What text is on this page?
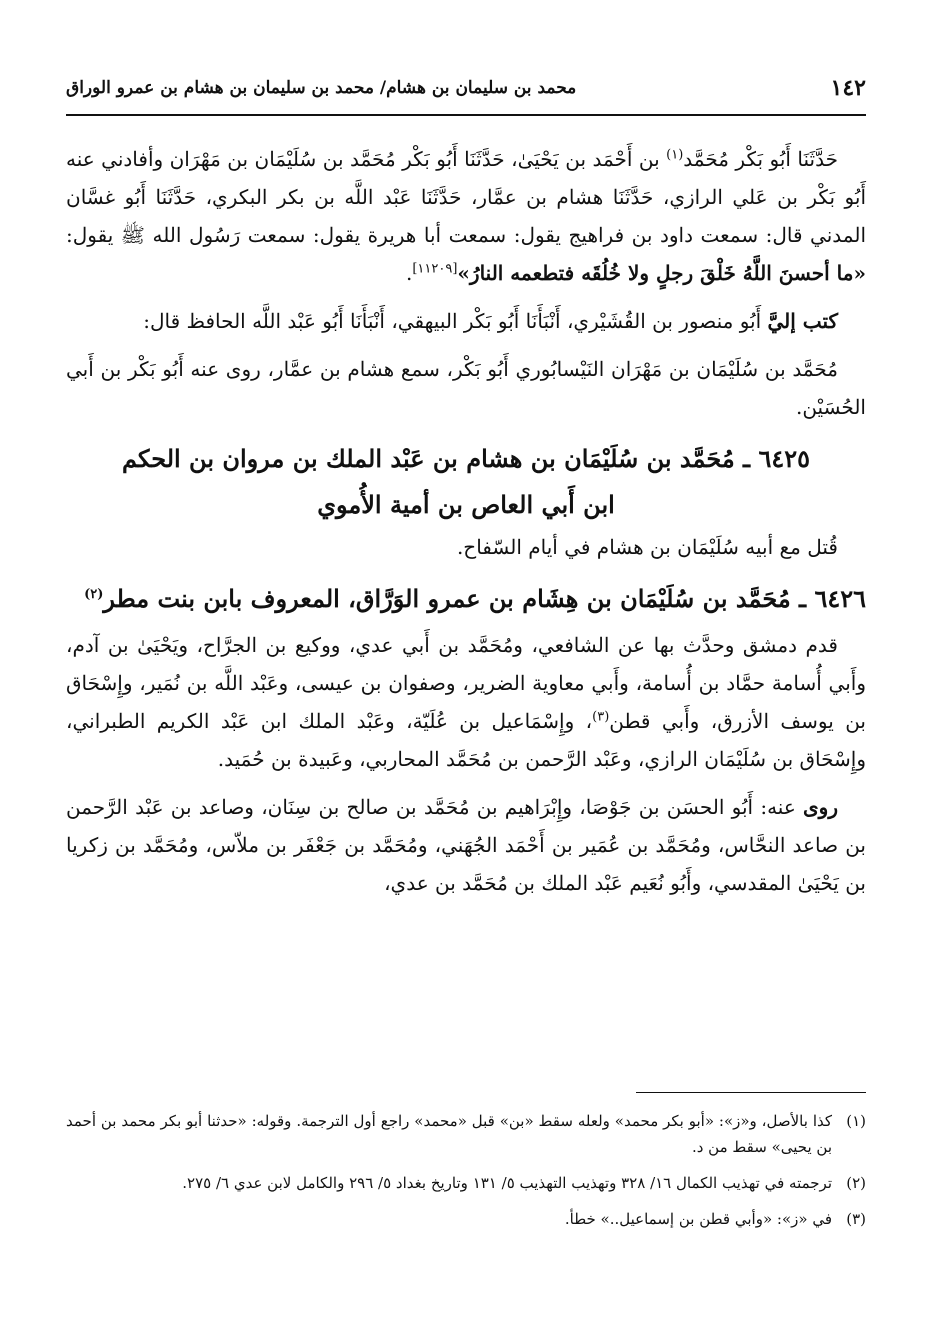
١٤٢
محمد بن سليمان بن هشام/ محمد بن سليمان بن هشام بن عمرو الوراق

حَدَّثَنَا أَبُو بَكْر مُحَمَّد$^{(١)}$ بن أَحْمَد بن يَحْيَىٰ، حَدَّثَنَا أَبُو بَكْر مُحَمَّد بن سُلَيْمَان بن مَهْرَان وأفادني عنه أَبُو بَكْر بن عَلي الرازي، حَدَّثَنَا هشام بن عمَّار، حَدَّثَنَا عَبْد اللَّه بن بكر البكري، حَدَّثَنَا أَبُو غسَّان المدني قال: سمعت داود بن فراهيج يقول: سمعت أبا هريرة يقول: سمعت رَسُول الله ﷺ يقول: «ما أحسنَ اللَّهُ خَلْقَ رجلٍ ولا خُلُقَه فتطعمه النارُ»[١١٢٠٩].

كتب إليَّ أَبُو منصور بن القُشَيْري، أَنْبَأَنَا أَبُو بَكْر البيهقي، أَنْبَأَنَا أَبُو عَبْد اللَّه الحافظ قال:

مُحَمَّد بن سُلَيْمَان بن مَهْرَان النَيْسابُوري أَبُو بَكْر، سمع هشام بن عمَّار، روى عنه أَبُو بَكْر بن أَبي الحُسَيْن.

٦٤٢٥ ـ مُحَمَّد بن سُلَيْمَان بن هشام بن عَبْد الملك بن مروان بن الحكم
ابن أَبي العاص بن أمية الأُموي

قُتل مع أبيه سُلَيْمَان بن هشام في أيام السّفاح.

٦٤٢٦ ـ مُحَمَّد بن سُلَيْمَان بن هِشَام بن عمرو الوَرَّاق، المعروف بابن بنت مطر$^{(٢)}$

قدم دمشق وحدَّث بها عن الشافعي، ومُحَمَّد بن أَبي عدي، ووكيع بن الجرَّاح، ويَحْيَىٰ بن آدم، وأَبي أُسامة حمَّاد بن أُسامة، وأَبي معاوية الضرير، وصفوان بن عيسى، وعَبْد اللَّه بن نُمَير، وإِسْحَاق بن يوسف الأزرق، وأَبي قطن$^{(٣)}$، وإِسْمَاعيل بن عُلَيّة، وعَبْد الملك ابن عَبْد الكريم الطبراني، وإِسْحَاق بن سُلَيْمَان الرازي، وعَبْد الرَّحمن بن مُحَمَّد المحاربي، وعَبيدة بن حُمَيد.

روى عنه: أَبُو الحسَن بن جَوْصَا، وإِبْرَاهيم بن مُحَمَّد بن صالح بن سِنَان، وصاعد بن عَبْد الرَّحمن بن صاعد النحَّاس، ومُحَمَّد بن عُمَير بن أَحْمَد الجُهَني، ومُحَمَّد بن جَعْفَر بن ملاّس، ومُحَمَّد بن زكريا بن يَحْيَىٰ المقدسي، وأَبُو نُعَيم عَبْد الملك بن مُحَمَّد بن عدي،

(١)
كذا بالأصل، و«ز»: «أبو بكر محمد» ولعله سقط «بن» قبل «محمد» راجع أول الترجمة. وقوله: «حدثنا أبو بكر محمد بن أحمد بن يحيى» سقط من د.
(٢)
ترجمته في تهذيب الكمال ١٦/ ٣٢٨ وتهذيب التهذيب ٥/ ١٣١ وتاريخ بغداد ٥/ ٢٩٦ والكامل لابن عدي ٦/ ٢٧٥.
(٣)
في «ز»: «وأبي قطن بن إسماعيل..» خطأ.
